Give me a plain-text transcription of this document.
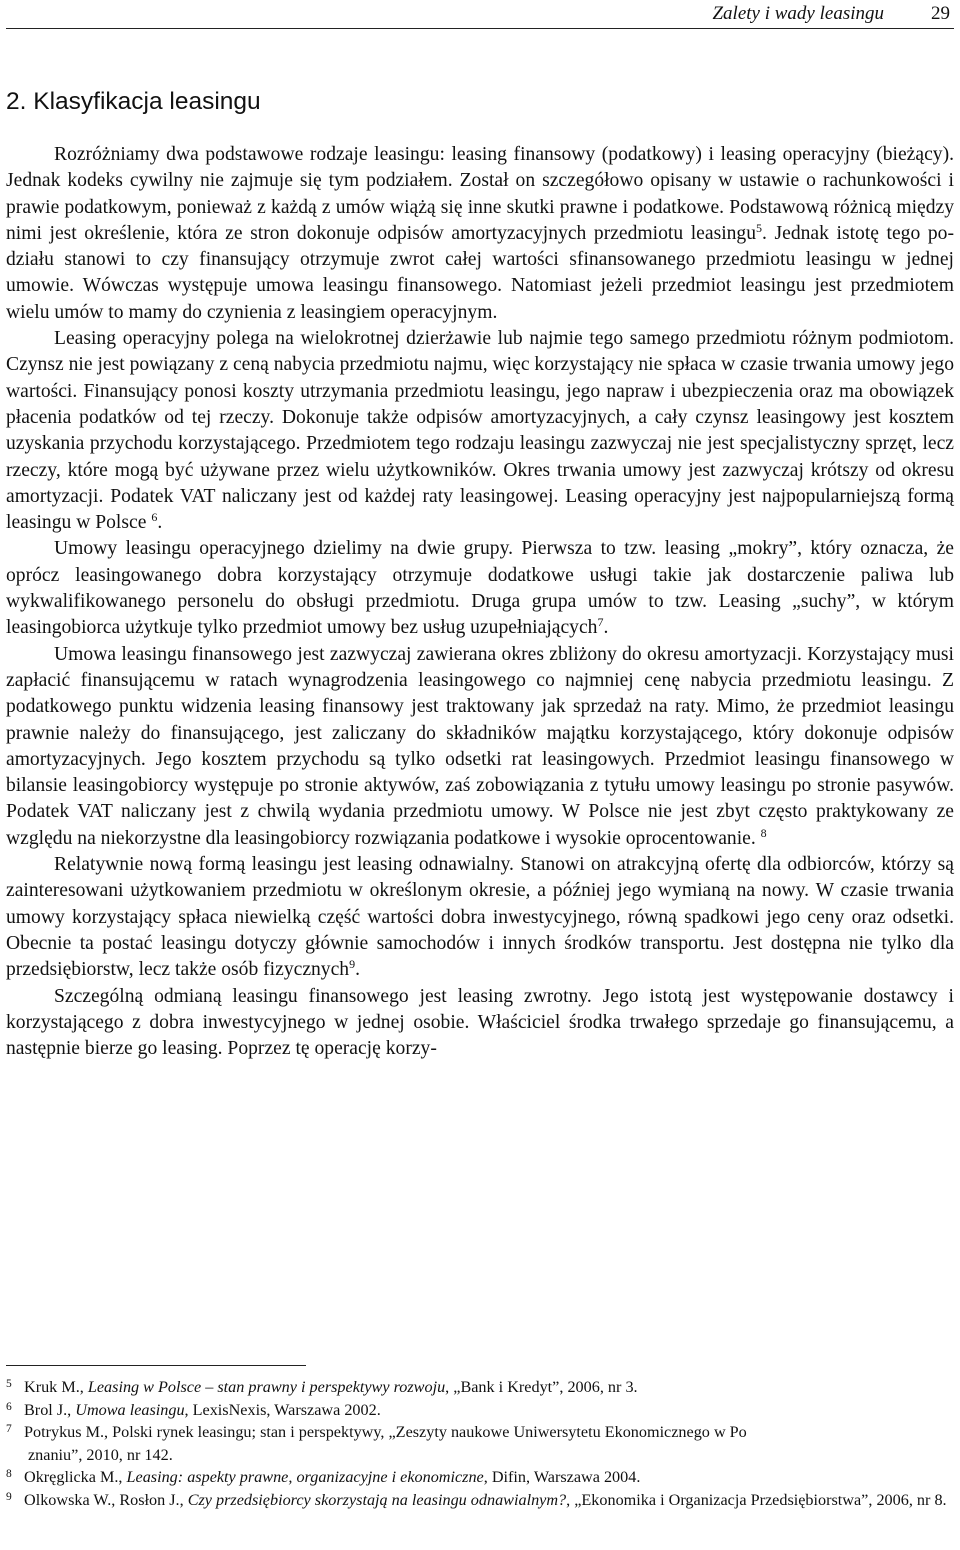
Zalety i wady leasingu 29
2. Klasyfikacja leasingu

Rozróżniamy dwa podstawowe rodzaje leasingu: leasing finansowy (podatkowy) i leasing operacyjny (bieżący). Jednak kodeks cywilny nie zajmuje się tym podziałem. Został on szczegółowo opisany w ustawie o rachunkowości i prawie podatkowym, ponieważ z każdą z umów wiążą się inne skutki prawne i podatkowe. Podstawową różnicą między nimi jest określenie, która ze stron dokonuje odpisów amortyzacyjnych przedmiotu leasingu$^5$. Jednak istotę tego podziału stanowi to czy finansujący otrzymuje zwrot całej wartości sfinansowanego przedmiotu leasingu w jednej umowie. Wówczas występuje umowa leasingu finansowego. Natomiast jeżeli przedmiot leasingu jest przedmiotem wielu umów to mamy do czynienia z leasingiem operacyjnym.

Leasing operacyjny polega na wielokrotnej dzierżawie lub najmie tego samego przedmiotu różnym podmiotom. Czynsz nie jest powiązany z ceną nabycia przedmiotu najmu, więc korzystający nie spłaca w czasie trwania umowy jego wartości. Finansujący ponosi koszty utrzymania przedmiotu leasingu, jego napraw i ubezpieczenia oraz ma obowiązek płacenia podatków od tej rzeczy. Dokonuje także odpisów amortyzacyjnych, a cały czynsz leasingowy jest kosztem uzyskania przychodu korzystającego. Przedmiotem tego rodzaju leasingu zazwyczaj nie jest specjalistyczny sprzęt, lecz rzeczy, które mogą być używane przez wielu użytkowników. Okres trwania umowy jest zazwyczaj krótszy od okresu amortyzacji. Podatek VAT naliczany jest od każdej raty leasingowej. Leasing operacyjny jest najpopularniejszą formą leasingu w Polsce $^6$.

Umowy leasingu operacyjnego dzielimy na dwie grupy. Pierwsza to tzw. leasing „mokry”, który oznacza, że oprócz leasingowanego dobra korzystający otrzymuje dodatkowe usługi takie jak dostarczenie paliwa lub wykwalifikowanego personelu do obsługi przedmiotu. Druga grupa umów to tzw. Leasing „suchy”, w którym leasingobiorca użytkuje tylko przedmiot umowy bez usług uzupełniających$^7$.

Umowa leasingu finansowego jest zazwyczaj zawierana okres zbliżony do okresu amortyzacji. Korzystający musi zapłacić finansującemu w ratach wynagrodzenia leasingowego co najmniej cenę nabycia przedmiotu leasingu. Z podatkowego punktu widzenia leasing finansowy jest traktowany jak sprzedaż na raty. Mimo, że przedmiot leasingu prawnie należy do finansującego, jest zaliczany do składników majątku korzystającego, który dokonuje odpisów amortyzacyjnych. Jego kosztem przychodu są tylko odsetki rat leasingowych. Przedmiot leasingu finansowego w bilansie leasingobiorcy występuje po stronie aktywów, zaś zobowiązania z tytułu umowy leasingu po stronie pasywów. Podatek VAT naliczany jest z chwilą wydania przedmiotu umowy. W Polsce nie jest zbyt często praktykowany ze względu na niekorzystne dla leasingobiorcy rozwiązania podatkowe i wysokie oprocentowanie. $^8$

Relatywnie nową formą leasingu jest leasing odnawialny. Stanowi on atrakcyjną ofertę dla odbiorców, którzy są zainteresowani użytkowaniem przedmiotu w określonym okresie, a później jego wymianą na nowy. W czasie trwania umowy korzystający spłaca niewielką część wartości dobra inwestycyjnego, równą spadkowi jego ceny oraz odsetki. Obecnie ta postać leasingu dotyczy głównie samochodów i innych środków transportu. Jest dostępna nie tylko dla przedsiębiorstw, lecz także osób fizycznych$^9$.

Szczególną odmianą leasingu finansowego jest leasing zwrotny. Jego istotą jest występowanie dostawcy i korzystającego z dobra inwestycyjnego w jednej osobie. Właściciel środka trwałego sprzedaje go finansującemu, a następnie bierze go leasing. Poprzez tę operację korzy-

5 Kruk M., Leasing w Polsce – stan prawny i perspektywy rozwoju, „Bank i Kredyt”, 2006, nr 3.
6 Brol J., Umowa leasingu, LexisNexis, Warszawa 2002.
7 Potrykus M., Polski rynek leasingu; stan i perspektywy, „Zeszyty naukowe Uniwersytetu Ekonomicznego w Po
znaniu”, 2010, nr 142.
8 Okręglicka M., Leasing: aspekty prawne, organizacyjne i ekonomiczne, Difin, Warszawa 2004.
9 Olkowska W., Rosłon J., Czy przedsiębiorcy skorzystają na leasingu odnawialnym?, „Ekonomika i Organizacja Przedsiębiorstwa”, 2006, nr 8.
